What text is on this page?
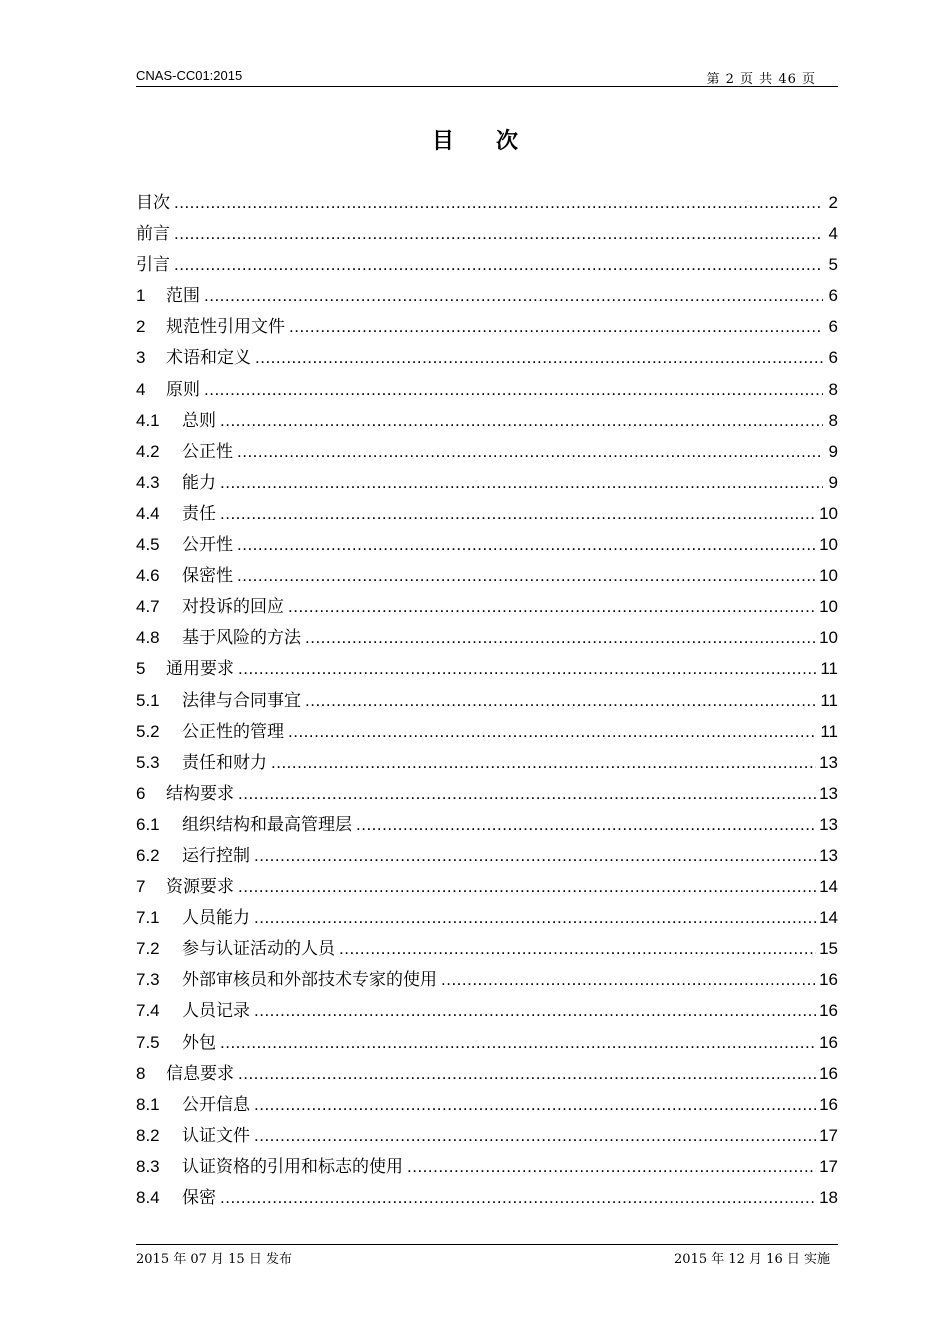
CNAS-CC01:2015	第 2 页 共 46 页
目次
目次 .....	2
前言 .....	4
引言 .....	5
1	范围 .....	6
2	规范性引用文件 .....	6
3	术语和定义 .....	6
4	原则 .....	8
4.1	总则 .....	8
4.2	公正性 .....	9
4.3	能力 .....	9
4.4	责任 .....	10
4.5	公开性 .....	10
4.6	保密性 .....	10
4.7	对投诉的回应 .....	10
4.8	基于风险的方法 .....	10
5	通用要求 .....	11
5.1	法律与合同事宜 .....	11
5.2	公正性的管理 .....	11
5.3	责任和财力 .....	13
6	结构要求 .....	13
6.1	组织结构和最高管理层 .....	13
6.2	运行控制 .....	13
7	资源要求 .....	14
7.1	人员能力 .....	14
7.2	参与认证活动的人员 .....	15
7.3	外部审核员和外部技术专家的使用 .....	16
7.4	人员记录 .....	16
7.5	外包 .....	16
8	信息要求 .....	16
8.1	公开信息 .....	16
8.2	认证文件 .....	17
8.3	认证资格的引用和标志的使用 .....	17
8.4	保密 .....	18
2015 年 07 月 15 日 发布	2015 年 12 月 16 日 实施
